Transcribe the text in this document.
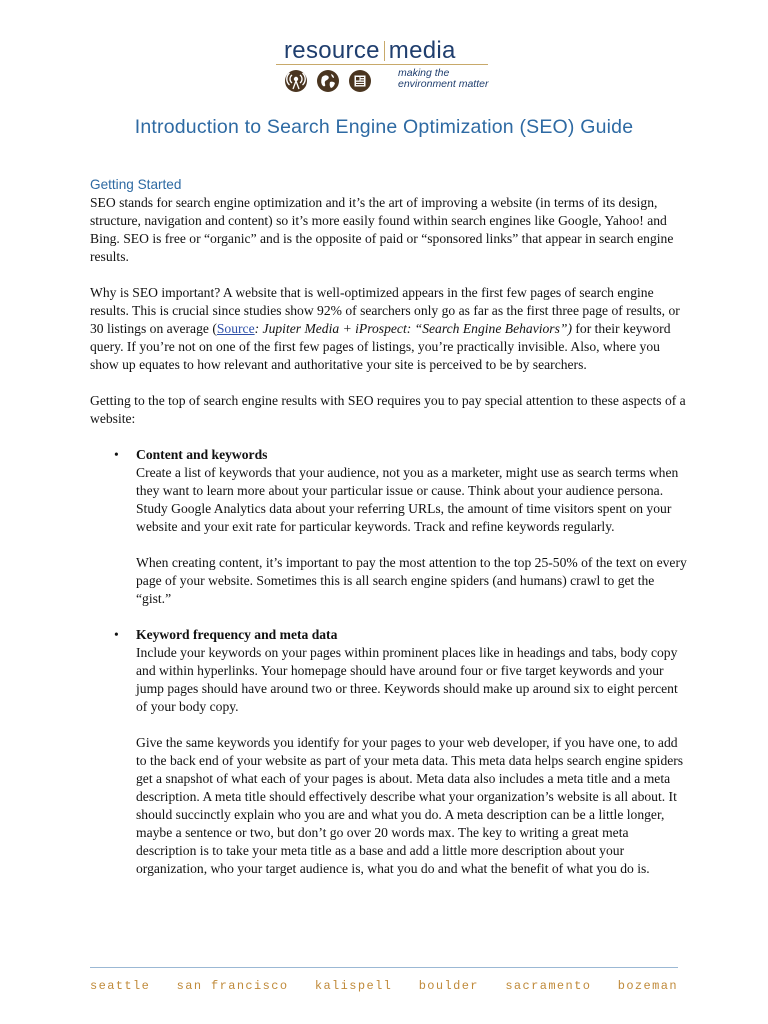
resource media

making the
environment matter

Introduction to Search Engine Optimization (SEO) Guide
Getting Started

SEO stands for search engine optimization and it’s the art of improving a website (in terms of its design, structure, navigation and content) so it’s more easily found within search engines like Google, Yahoo! and Bing. SEO is free or “organic” and is the opposite of paid or “sponsored links” that appear in search engine results.

Why is SEO important? A website that is well-optimized appears in the first few pages of search engine results. This is crucial since studies show 92% of searchers only go as far as the first three page of results, or 30 listings on average (Source: Jupiter Media + iProspect: “Search Engine Behaviors”) for their keyword query. If you’re not on one of the first few pages of listings, you’re practically invisible. Also, where you show up equates to how relevant and authoritative your site is perceived to be by searchers.

Getting to the top of search engine results with SEO requires you to pay special attention to these aspects of a website:

• Content and keywords

Create a list of keywords that your audience, not you as a marketer, might use as search terms when they want to learn more about your particular issue or cause. Think about your audience persona. Study Google Analytics data about your referring URLs, the amount of time visitors spent on your website and your exit rate for particular keywords. Track and refine keywords regularly.

When creating content, it’s important to pay the most attention to the top 25-50% of the text on every page of your website. Sometimes this is all search engine spiders (and humans) crawl to get the “gist.”

• Keyword frequency and meta data

Include your keywords on your pages within prominent places like in headings and tabs, body copy and within hyperlinks. Your homepage should have around four or five target keywords and your jump pages should have around two or three. Keywords should make up around six to eight percent of your body copy.

Give the same keywords you identify for your pages to your web developer, if you have one, to add to the back end of your website as part of your meta data. This meta data helps search engine spiders get a snapshot of what each of your pages is about. Meta data also includes a meta title and a meta description. A meta title should effectively describe what your organization’s website is all about. It should succinctly explain who you are and what you do. A meta description can be a little longer, maybe a sentence or two, but don’t go over 20 words max. The key to writing a great meta description is to take your meta title as a base and add a little more description about your organization, who your target audience is, what you do and what the benefit of what you do is.

seattle san francisco kalispell boulder sacramento bozeman
